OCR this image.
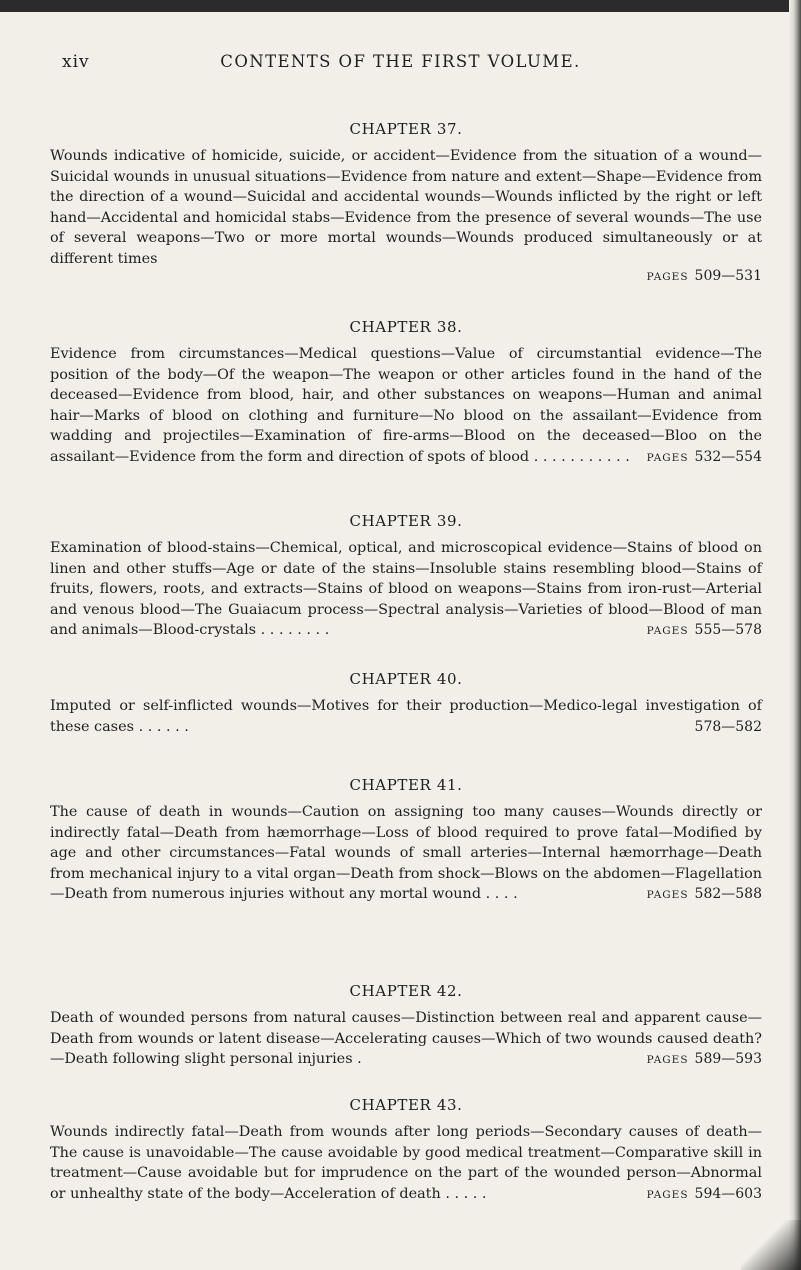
xiv	CONTENTS OF THE FIRST VOLUME.
CHAPTER 37.

Wounds indicative of homicide, suicide, or accident—Evidence from the situation of a wound—Suicidal wounds in unusual situations—Evidence from nature and extent—Shape—Evidence from the direction of a wound—Suicidal and accidental wounds—Wounds inflicted by the right or left hand—Accidental and homicidal stabs—Evidence from the presence of several wounds—The use of several weapons—Two or more mortal wounds—Wounds produced simultaneously or at different times

PAGES 509—531
CHAPTER 38.

Evidence from circumstances—Medical questions—Value of circumstantial evidence—The position of the body—Of the weapon—The weapon or other articles found in the hand of the deceased—Evidence from blood, hair, and other substances on weapons—Human and animal hair—Marks of blood on clothing and furniture—No blood on the assailant—Evidence from wadding and projectiles—Examination of fire-arms—Blood on the deceased—Bloo on the assailant—Evidence from the form and direction of spots of blood . . . . . . . . . . . PAGES 532—554

CHAPTER 39.

Examination of blood-stains—Chemical, optical, and microscopical evidence—Stains of blood on linen and other stuffs—Age or date of the stains—Insoluble stains resembling blood—Stains of fruits, flowers, roots, and extracts—Stains of blood on weapons—Stains from iron-rust—Arterial and venous blood—The Guaiacum process—Spectral analysis—Varieties of blood—Blood of man and animals—Blood-crystals . . . . . . . .	PAGES 555—578

CHAPTER 40.

Imputed or self-inflicted wounds—Motives for their production—Medico-legal investigation of these cases . . . . . .	578—582

CHAPTER 41.

The cause of death in wounds—Caution on assigning too many causes—Wounds directly or indirectly fatal—Death from hæmorrhage—Loss of blood required to prove fatal—Modified by age and other circumstances—Fatal wounds of small arteries—Internal hæmorrhage—Death from mechanical injury to a vital organ—Death from shock—Blows on the abdomen—Flagellation—Death from numerous injuries without any mortal wound . . . .	PAGES 582—588

CHAPTER 42.

Death of wounded persons from natural causes—Distinction between real and apparent cause—Death from wounds or latent disease—Accelerating causes—Which of two wounds caused death?—Death following slight personal injuries .	PAGES 589—593

CHAPTER 43.

Wounds indirectly fatal—Death from wounds after long periods—Secondary causes of death—The cause is unavoidable—The cause avoidable by good medical treatment—Comparative skill in treatment—Cause avoidable but for imprudence on the part of the wounded person—Abnormal or unhealthy state of the body—Acceleration of death . . . . .	PAGES 594—603
